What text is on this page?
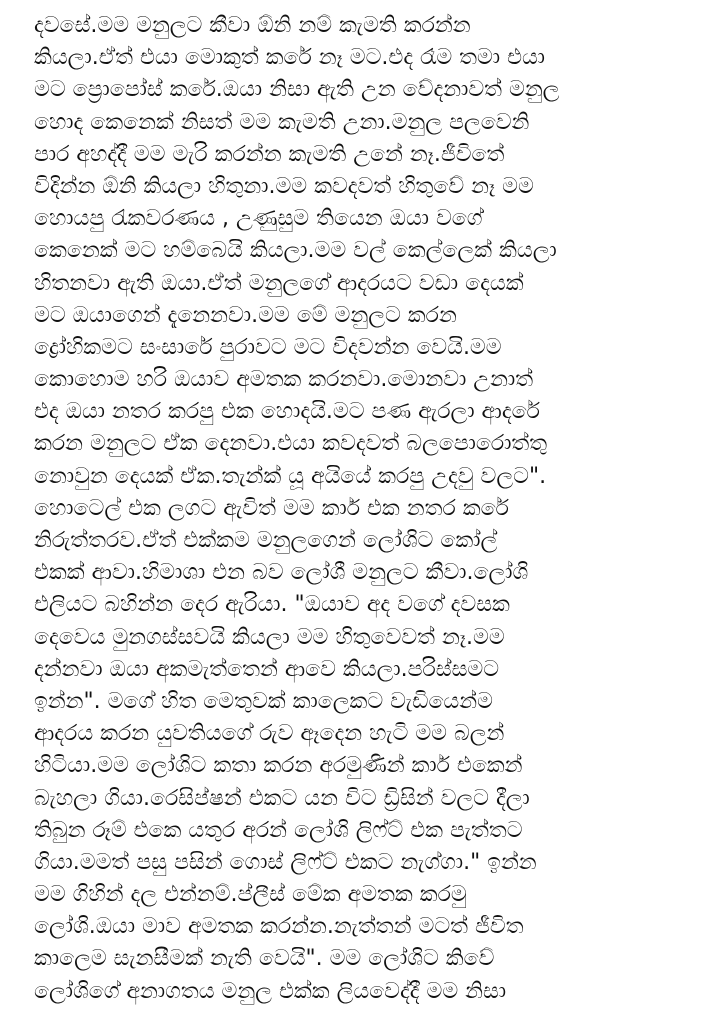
දවසේ.මම මනුලට කීවා ඕනි නම් කැමති කරන්න
කියලා.ඒත් එයා මොකුත් කරේ නෑ මට.එද රෑම තමා එයා
මට ප්‍රොපෝස් කරේ.ඔයා නිසා ඇති උන වේදනාවත් මනුල
හොද කෙනෙක් නිසත් මම කැමති උනා.මනුල පලවෙනි
පාර අහද්දී මම මැරි කරන්න කැමති උනේ නෑ.ජීවිතේ
විදින්න ඕනි කියලා හිතුනා.මම කවදවත් හිතුවේ නෑ මම
හොයපු රැකවරණය , උණුසුම තියෙන ඔයා වගේ
කෙනෙක් මට හම්බෙයි කියලා.මම වල් කෙල්ලෙක් කියලා
හිතනවා ඇති ඔයා.ඒත් මනුලගේ ආදරයට වඩා දෙයක්
මට ඔයාගෙන් දැනෙනවා.මම මේ මනුලට කරන
ද්‍රෝහිකමට සංසාරේ පුරාවට මට විදවන්න වෙයි.මම
කොහොම හරි ඔයාව අමතක කරනවා.මොනවා උනාත්
එද ඔයා නතර කරපු එක හොදයි.මට පණ ඇරලා ආදරේ
කරන මනුලට ඒක දෙනවා.එයා කවදවත් බලපොරොත්තු
නොවුන දෙයක් ඒක.තැන්ක් යූ අයියේ කරපු උදවු වලට".
හොටෙල් එක ලගට ඇවිත් මම කාර් එක නතර කරේ
නිරුත්තරව.ඒත් එක්කම මනුලගෙන් ලෝශිට කෝල්
එකක් ආවා.හිමාශා එන බව ලෝශී මනුලට කීවා.ලෝශි
එලියට බහින්න දෙර ඇරියා. "ඔයාව අද වගේ දවසක
දෙවෙය මුනගස්සවයි කියලා මම හිතුවෙවත් නෑ.මම
දන්නවා ඔයා අකමැත්තෙන් ආවෙ කියලා.පරිස්සමට
ඉන්න". මගේ හිත මෙතුවක් කාලෙකට වැඩියෙන්ම
ආදරය කරන යුවතියගේ රුව ඈදෙන හැටි මම බලන්
හිටියා.මම ලෝශිට කතා කරන අරමුණින් කාර් එකෙන්
බැහලා ගියා.රෙසිප්ෂන් එකට යන විට ඩ්‍රිසින් වලට දීලා
තිබුන රූම් එකෙ යතුර අරන් ලෝශි ලිෆ්ට් එක පැත්තට
ගියා.මමත් පසු පසින් ගොස් ලිෆ්ට් එකට නැග්ගා." ඉන්න
මම ගිහින් දල එන්නම්.ප්ලීස් මේක අමතක කරමු
ලෝශි.ඔයා මාව අමතක කරන්න.නැත්තන් මටත් ජීවිත
කාලෙම සැනසීමක් නැති වෙයි". මම ලෝශිට කිවේ
ලෝශිගේ අනාගතය මනුල එක්ක ලියවෙද්දී මම නිසා
